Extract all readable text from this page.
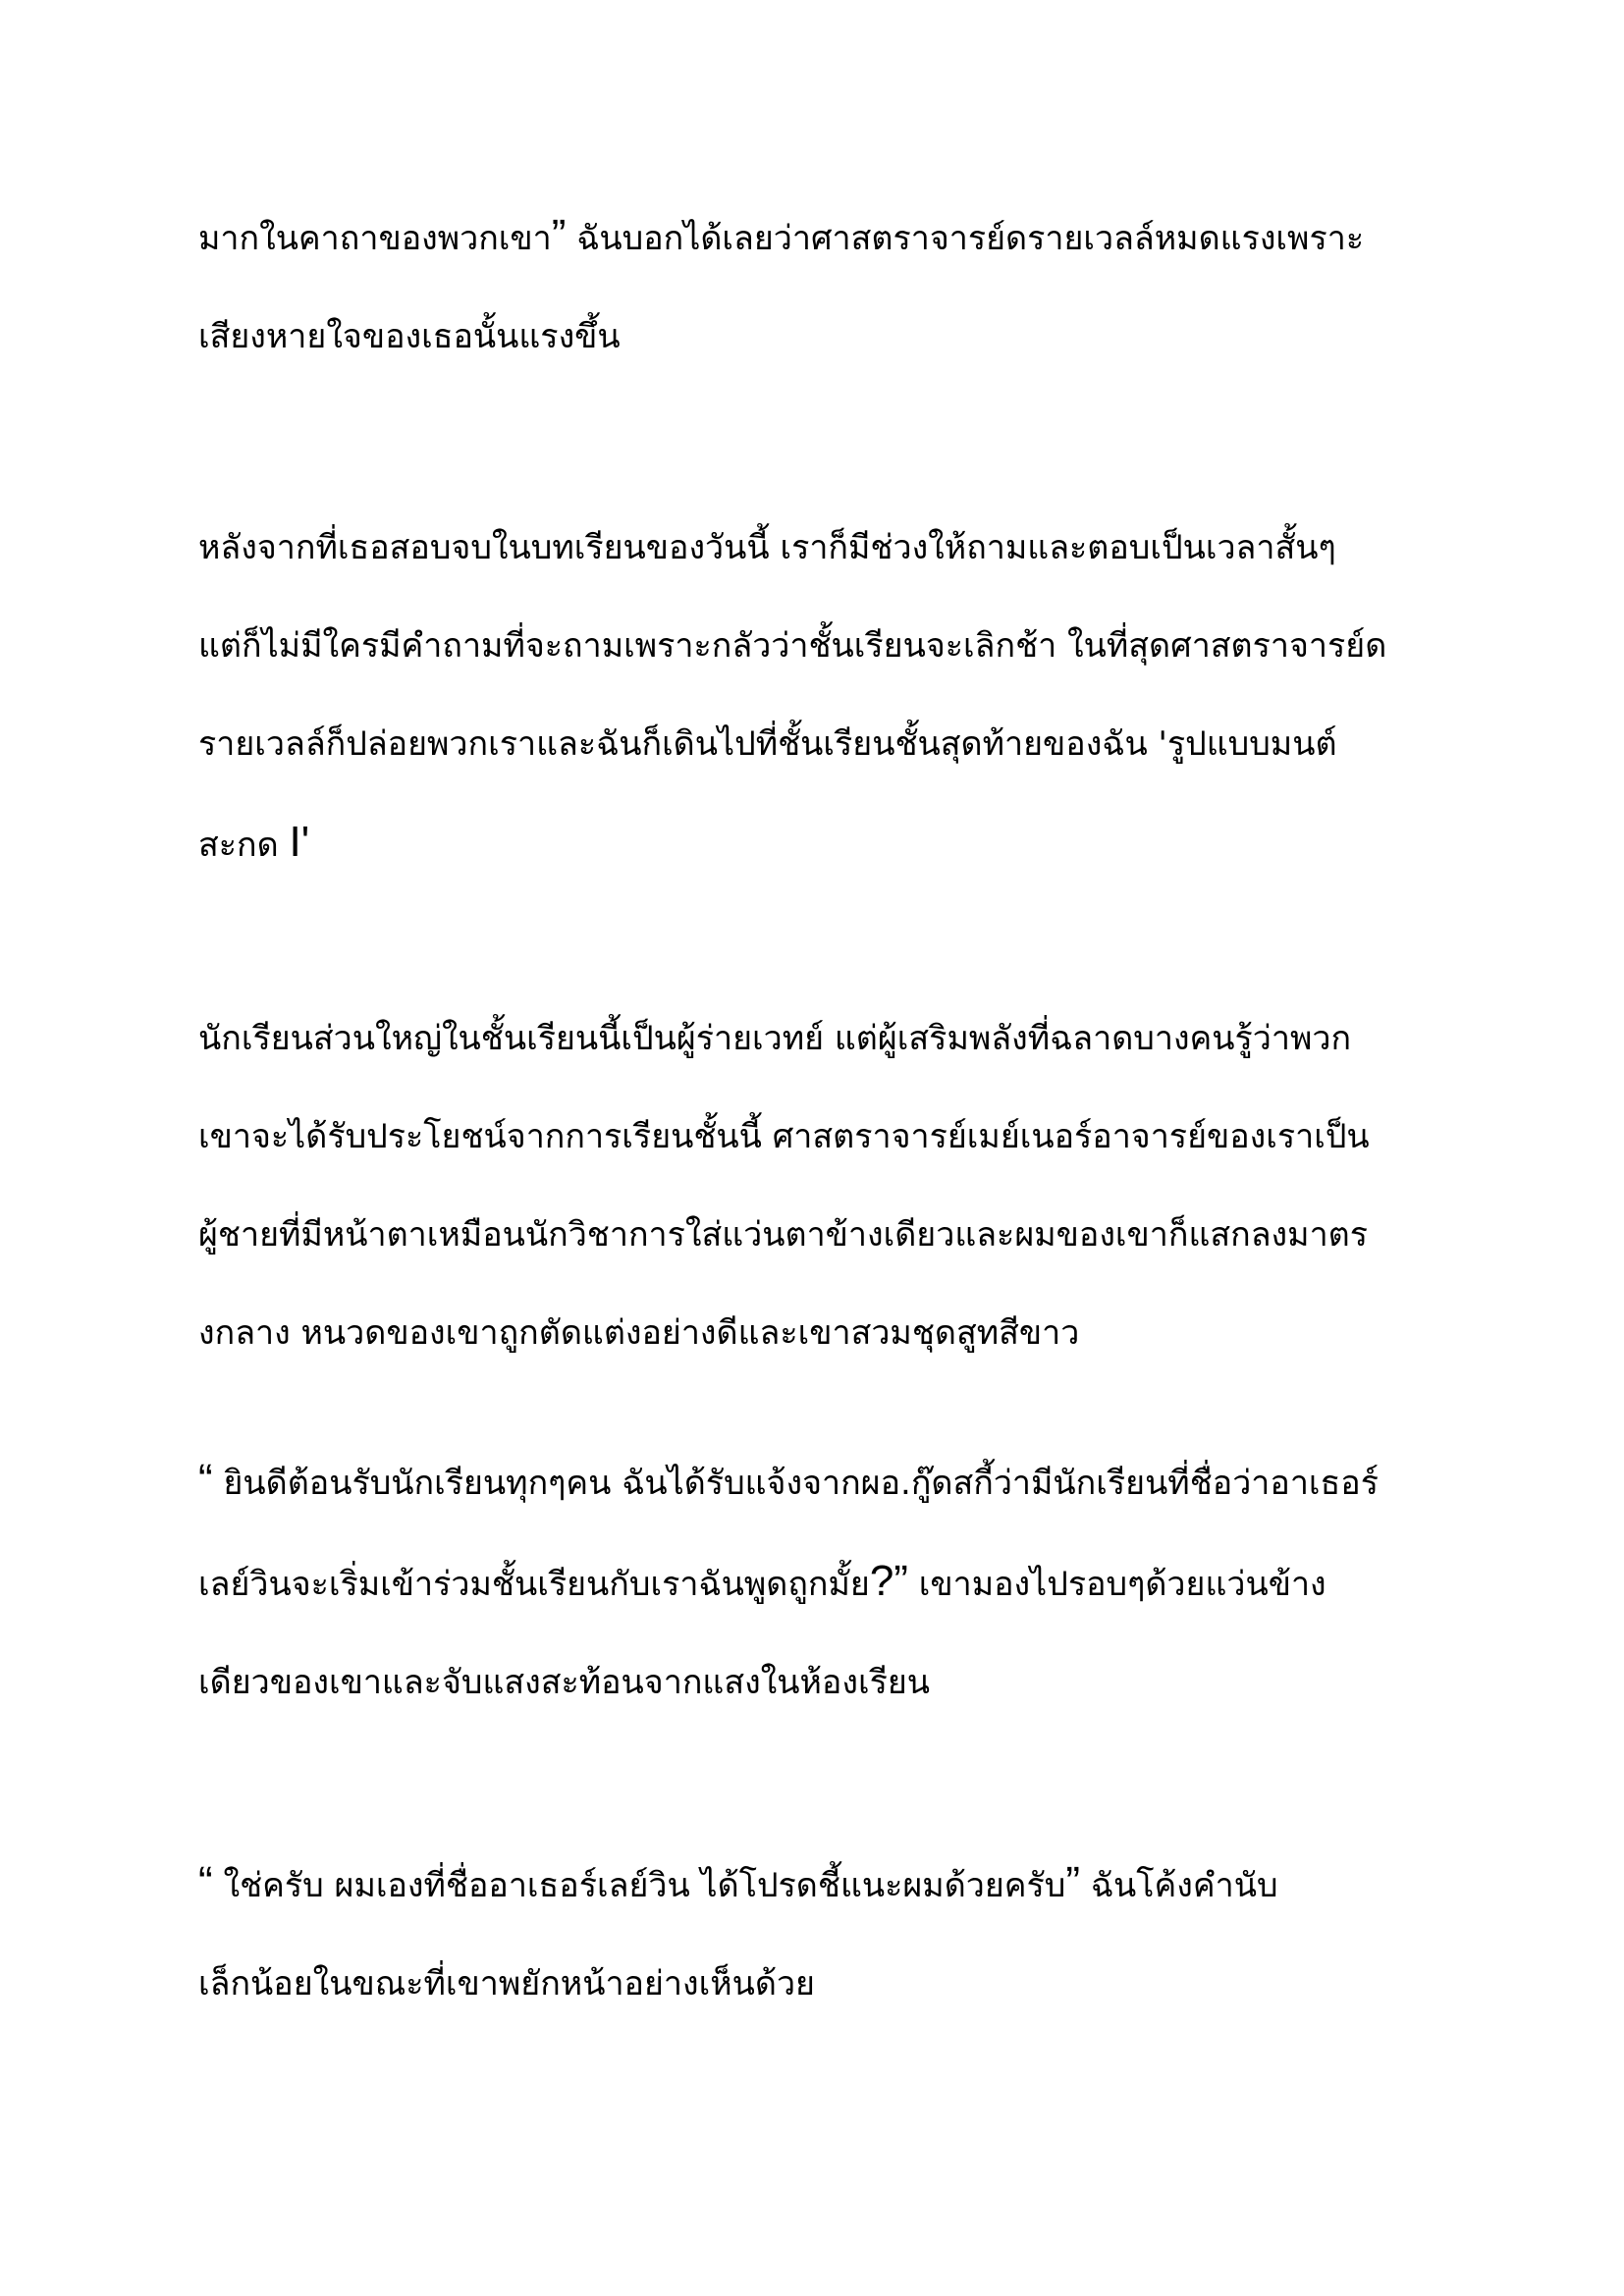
มากในคาถาของพวกเขา” ฉันบอกได้เลยว่าศาสตราจารย์ดรายเวลล์หมดแรงเพราะ
เสียงหายใจของเธอนั้นแรงขึ้น

หลังจากที่เธอสอบจบในบทเรียนของวันนี้ เราก็มีช่วงให้ถามและตอบเป็นเวลาสั้นๆ
แต่ก็ไม่มีใครมีคำถามที่จะถามเพราะกลัวว่าชั้นเรียนจะเลิกช้า ในที่สุดศาสตราจารย์ด
รายเวลล์ก็ปล่อยพวกเราและฉันก็เดินไปที่ชั้นเรียนชั้นสุดท้ายของฉัน 'รูปแบบมนต์
สะกด I'

นักเรียนส่วนใหญ่ในชั้นเรียนนี้เป็นผู้ร่ายเวทย์ แต่ผู้เสริมพลังที่ฉลาดบางคนรู้ว่าพวก
เขาจะได้รับประโยชน์จากการเรียนชั้นนี้ ศาสตราจารย์เมย์เนอร์อาจารย์ของเราเป็น
ผู้ชายที่มีหน้าตาเหมือนนักวิชาการใส่แว่นตาข้างเดียวและผมของเขาก็แสกลงมาตร
งกลาง หนวดของเขาถูกตัดแต่งอย่างดีและเขาสวมชุดสูทสีขาว

“ ยินดีต้อนรับนักเรียนทุกๆคน ฉันได้รับแจ้งจากผอ.กู๊ดสกี้ว่ามีนักเรียนที่ชื่อว่าอาเธอร์
เลย์วินจะเริ่มเข้าร่วมชั้นเรียนกับเราฉันพูดถูกมั้ย?” เขามองไปรอบๆด้วยแว่นข้าง
เดียวของเขาและจับแสงสะท้อนจากแสงในห้องเรียน

“ ใช่ครับ ผมเองที่ชื่ออาเธอร์เลย์วิน ได้โปรดชี้แนะผมด้วยครับ” ฉันโค้งคำนับ
เล็กน้อยในขณะที่เขาพยักหน้าอย่างเห็นด้วย
